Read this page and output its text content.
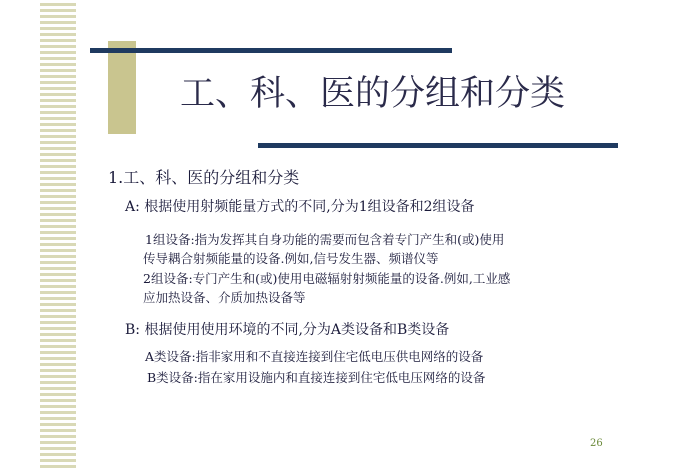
工、科、医的分组和分类

1.工、科、医的分组和分类

A: 根据使用射频能量方式的不同,分为1组设备和2组设备

1组设备:指为发挥其自身功能的需要而包含着专门产生和(或)使用

传导耦合射频能量的设备.例如,信号发生器、频谱仪等

2组设备:专门产生和(或)使用电磁辐射射频能量的设备.例如,工业感

应加热设备、介质加热设备等

B: 根据使用使用环境的不同,分为A类设备和B类设备

A类设备:指非家用和不直接连接到住宅低电压供电网络的设备

B类设备:指在家用设施内和直接连接到住宅低电压网络的设备

26
